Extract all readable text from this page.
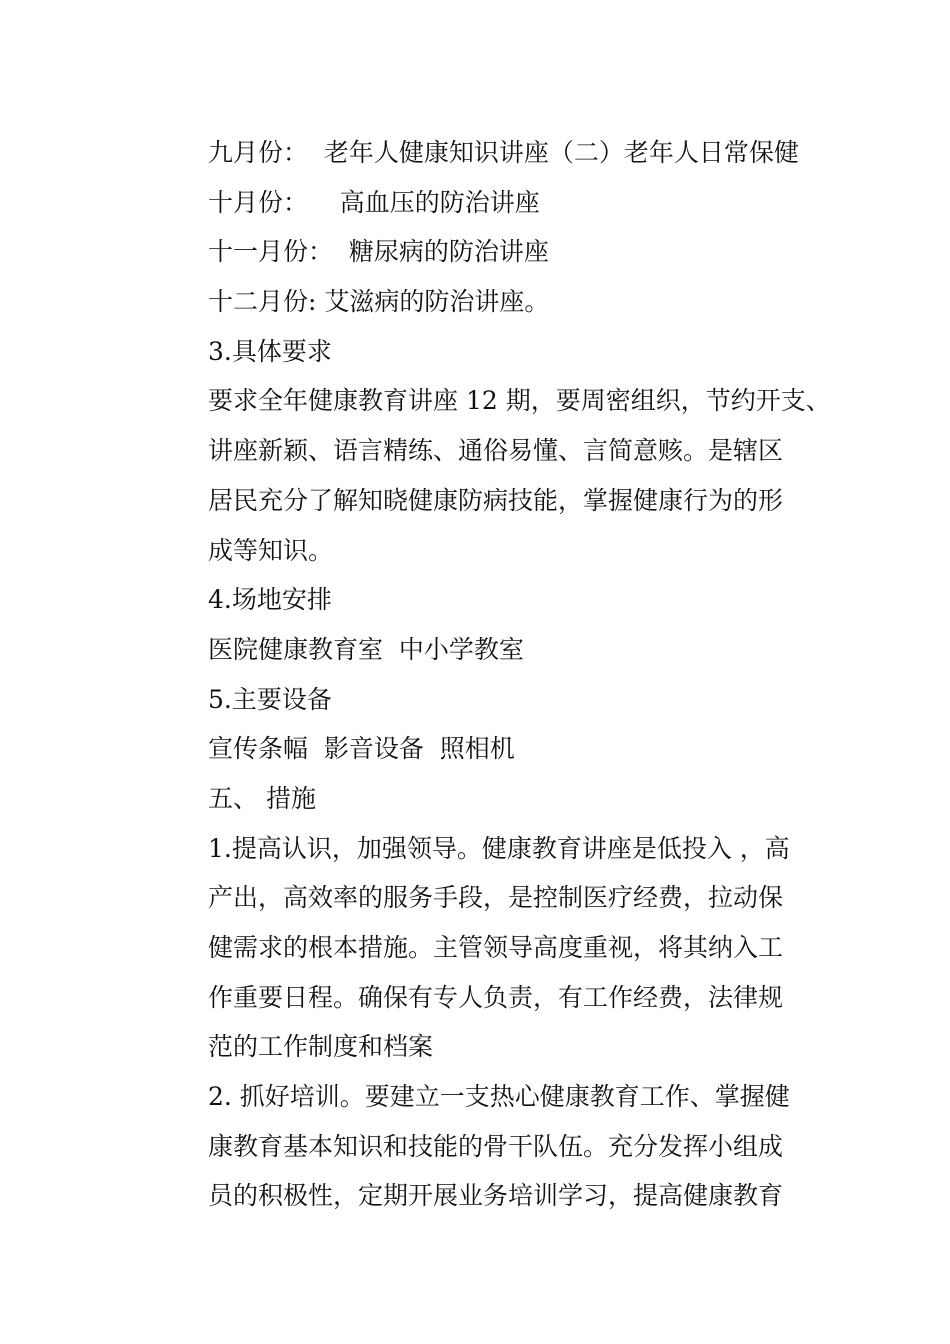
九月份：  老年人健康知识讲座（二）老年人日常保健

十月份：    高血压的防治讲座

十一月份：  糖尿病的防治讲座

十二月份: 艾滋病的防治讲座。

3.具体要求

要求全年健康教育讲座 12 期，要周密组织，节约开支、

讲座新颖、语言精练、通俗易懂、言简意赅。是辖区

居民充分了解知晓健康防病技能，掌握健康行为的形

成等知识。

4.场地安排

医院健康教育室  中小学教室

5.主要设备

宣传条幅  影音设备  照相机

五、 措施

1.提高认识，加强领导。健康教育讲座是低投入 ，高

产出，高效率的服务手段，是控制医疗经费，拉动保

健需求的根本措施。主管领导高度重视，将其纳入工

作重要日程。确保有专人负责，有工作经费，法律规

范的工作制度和档案

2. 抓好培训。要建立一支热心健康教育工作、掌握健

康教育基本知识和技能的骨干队伍。充分发挥小组成

员的积极性，定期开展业务培训学习，提高健康教育
